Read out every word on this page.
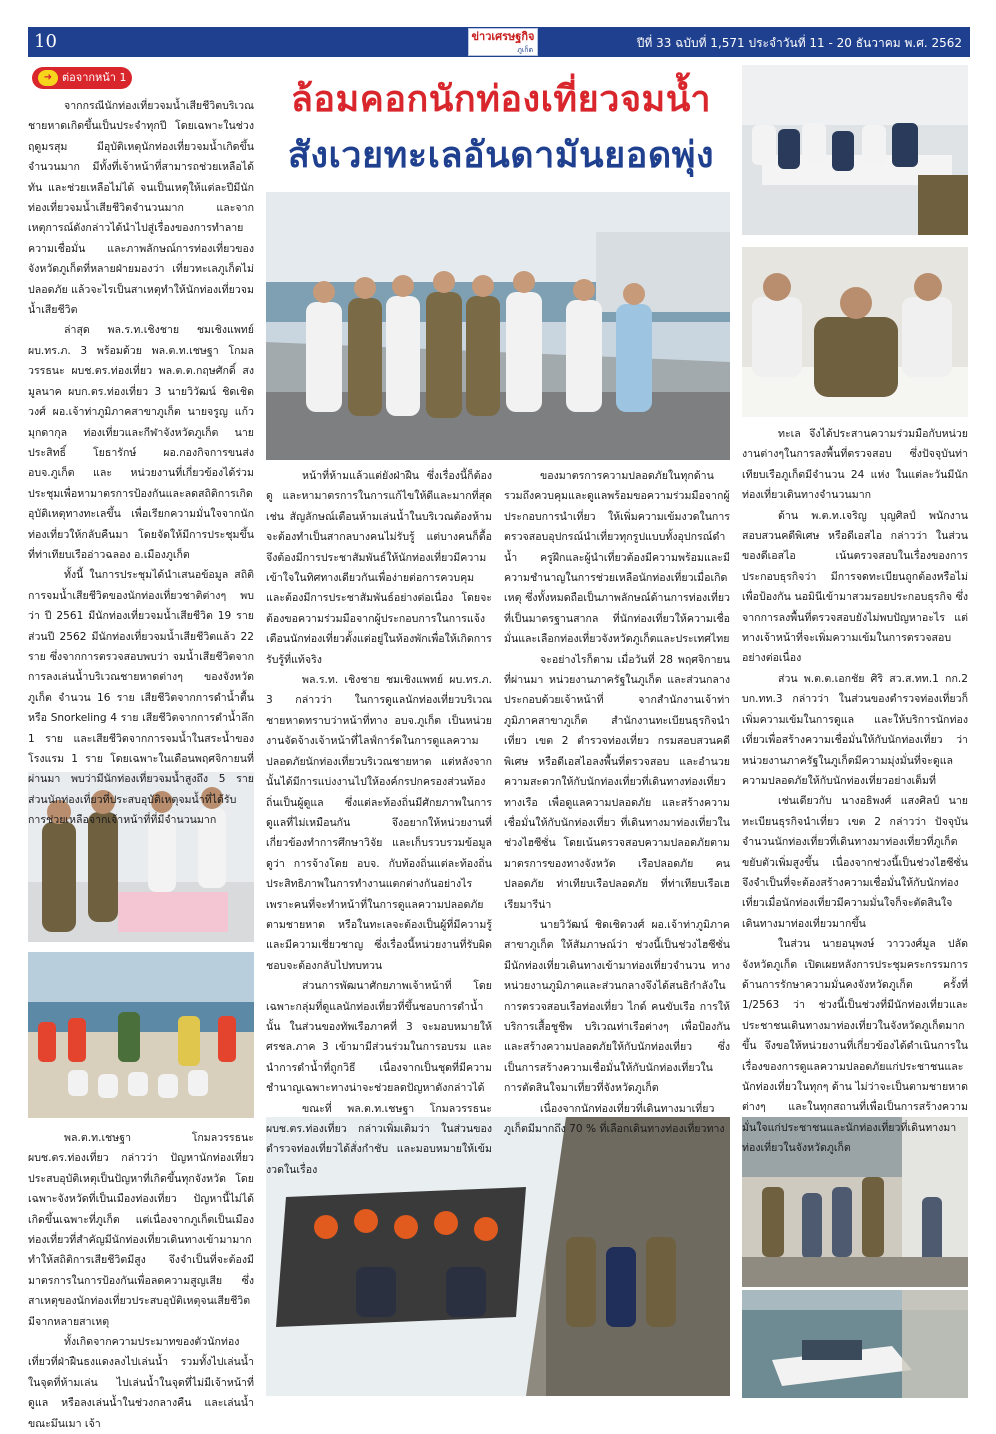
10	ข่าวเศรษฐกิจ
ภูเก็ต	ปีที่ 33 ฉบับที่ 1,571 ประจำวันที่ 11 - 20 ธันวาคม พ.ศ. 2562
➜ ต่อจากหน้า 1
ล้อมคอกนักท่องเที่ยวจมน้ำ
สังเวยทะเลอันดามันยอดพุ่ง

จากกรณีนักท่องเที่ยวจมน้ำเสียชีวิตบริเวณชายหาดเกิดขึ้นเป็นประจำทุกปี โดยเฉพาะในช่วงฤดูมรสุม มีอุบัติเหตุนักท่องเที่ยวจมน้ำเกิดขึ้นจำนวนมาก มีทั้งที่เจ้าหน้าที่สามารถช่วยเหลือได้ทัน และช่วยเหลือไม่ได้ จนเป็นเหตุให้แต่ละปีมีนักท่องเที่ยวจมน้ำเสียชีวิตจำนวนมาก และจากเหตุการณ์ดังกล่าวได้นำไปสู่เรื่องของการทำลายความเชื่อมั่น และภาพลักษณ์การท่องเที่ยวของจังหวัดภูเก็ตที่หลายฝ่ายมองว่า เที่ยวทะเลภูเก็ตไม่ปลอดภัย แล้วจะไรเป็นสาเหตุทำให้นักท่องเที่ยวจมน้ำเสียชีวิต

ล่าสุด พล.ร.ท.เชิงชาย ชมเชิงแพทย์ ผบ.ทร.ภ. 3 พร้อมด้วย พล.ต.ท.เชษฐา โกมลวรรธนะ ผบช.ตร.ท่องเที่ยว พล.ต.ต.กฤษศักดิ์ สงมูลนาค ผบก.ตร.ท่องเที่ยว 3 นายวิวัฒน์ ชิดเชิดวงศ์ ผอ.เจ้าท่าภูมิภาคสาขาภูเก็ต นายจรูญ แก้วมุกดากุล ท่องเที่ยวและกีฬาจังหวัดภูเก็ต นายประสิทธิ์ โยธารักษ์ ผอ.กองกิจการขนส่ง อบจ.ภูเก็ต และ หน่วยงานที่เกี่ยวข้องได้ร่วมประชุมเพื่อหามาตรการป้องกันและลดสถิติการเกิดอุบัติเหตุทางทะเลขึ้น เพื่อเรียกความมั่นใจจากนักท่องเที่ยวให้กลับคืนมา โดยจัดให้มีการประชุมขึ้นที่ท่าเทียบเรืออ่าวฉลอง อ.เมืองภูเก็ต

ทั้งนี้ ในการประชุมได้นำเสนอข้อมูล สถิติการจมน้ำเสียชีวิตของนักท่องเที่ยวชาติต่างๆ พบว่า ปี 2561 มีนักท่องเที่ยวจมน้ำเสียชีวิต 19 ราย ส่วนปี 2562 มีนักท่องเที่ยวจมน้ำเสียชีวิตแล้ว 22 ราย ซึ่งจากการตรวจสอบพบว่า จมน้ำเสียชีวิตจากการลงเล่นน้ำบริเวณชายหาดต่างๆ ของจังหวัดภูเก็ต จำนวน 16 ราย เสียชีวิตจากการดำน้ำตื้นหรือ Snorkeling 4 ราย เสียชีวิตจากการดำน้ำลึก 1 ราย และเสียชีวิตจากการจมน้ำในสระน้ำของโรงแรม 1 ราย โดยเฉพาะในเดือนพฤศจิกายนที่ผ่านมา พบว่ามีนักท่องเที่ยวจมน้ำสูงถึง 5 ราย ส่วนนักท่องเที่ยวที่ประสบอุบัติเหตุจมน้ำที่ได้รับการช่วยเหลือจากเจ้าหน้าที่ที่มีจำนวนมาก

พล.ต.ท.เชษฐา โกมลวรรธนะ ผบช.ตร.ท่องเที่ยว กล่าวว่า ปัญหานักท่องเที่ยวประสบอุบัติเหตุเป็นปัญหาที่เกิดขึ้นทุกจังหวัด โดยเฉพาะจังหวัดที่เป็นเมืองท่องเที่ยว ปัญหานี้ไม่ได้เกิดขึ้นเฉพาะที่ภูเก็ต แต่เนื่องจากภูเก็ตเป็นเมืองท่องเที่ยวที่สำคัญมีนักท่องเที่ยวเดินทางเข้ามามาก ทำให้สถิติการเสียชีวิตมีสูง จึงจำเป็นที่จะต้องมีมาตรการในการป้องกันเพื่อลดความสูญเสีย ซึ่งสาเหตุของนักท่องเที่ยวประสบอุบัติเหตุจนเสียชีวิตมีจากหลายสาเหตุ

ทั้งเกิดจากความประมาทของตัวนักท่องเที่ยวที่ฝ่าฝืนธงแดงลงไปเล่นน้ำ รวมทั้งไปเล่นน้ำในจุดที่ห้ามเล่น ไปเล่นน้ำในจุดที่ไม่มีเจ้าหน้าที่ดูแล หรือลงเล่นน้ำในช่วงกลางคืน และเล่นน้ำขณะมึนเมา เจ้า

หน้าที่ห้ามแล้วแต่ยังฝ่าฝืน ซึ่งเรื่องนี้ก็ต้องดู และหามาตรการในการแก้ไขให้ดีและมากที่สุด เช่น สัญลักษณ์เตือนห้ามเล่นน้ำในบริเวณต้องห้าม จะต้องทำเป็นสากลบางคนไม่รับรู้ แต่บางคนก็ดื้อ จึงต้องมีการประชาสัมพันธ์ให้นักท่องเที่ยวมีความเข้าใจในทิศทางเดียวกันเพื่อง่ายต่อการควบคุม และต้องมีการประชาสัมพันธ์อย่างต่อเนื่อง โดยจะต้องขอความร่วมมือจากผู้ประกอบการในการแจ้งเตือนนักท่องเที่ยวตั้งแต่อยู่ในห้องพักเพื่อให้เกิดการรับรู้ที่แท้จริง

พล.ร.ท. เชิงชาย ชมเชิงแพทย์ ผบ.ทร.ภ. 3 กล่าวว่า ในการดูแลนักท่องเที่ยวบริเวณชายหาดทราบว่าหน้าที่ทาง อบจ.ภูเก็ต เป็นหน่วยงานจัดจ้างเจ้าหน้าที่ไลฟ์การ์ดในการดูแลความปลอดภัยนักท่องเที่ยวบริเวณชายหาด แต่หลังจากนั้นได้มีการแบ่งงานไปให้องค์กรปกครองส่วนท้องถิ่นเป็นผู้ดูแล ซึ่งแต่ละท้องถิ่นมีศักยภาพในการดูแลที่ไม่เหมือนกัน จึงอยากให้หน่วยงานที่เกี่ยวข้องทำการศึกษาวิจัย และเก็บรวบรวมข้อมูลดูว่า การจ้างโดย อบจ. กับท้องถิ่นแต่ละท้องถิ่นประสิทธิภาพในการทำงานแตกต่างกันอย่างไร เพราะคนที่จะทำหน้าที่ในการดูแลความปลอดภัยตามชายหาด หรือในทะเลจะต้องเป็นผู้ที่มีความรู้ และมีความเชี่ยวชาญ ซึ่งเรื่องนี้หน่วยงานที่รับผิดชอบจะต้องกลับไปทบทวน

ส่วนการพัฒนาศักยภาพเจ้าหน้าที่ โดยเฉพาะกลุ่มที่ดูแลนักท่องเที่ยวที่ขึ้นชอบการดำน้ำนั้น ในส่วนของทัพเรือภาคที่ 3 จะมอบหมายให้ ศรชล.ภาค 3 เข้ามามีส่วนร่วมในการอบรม และนำการดำน้ำที่ถูกวิธี เนื่องจากเป็นชุดที่มีความชำนาญเฉพาะทางน่าจะช่วยลดปัญหาดังกล่าวได้

ขณะที่ พล.ต.ท.เชษฐา โกมลวรรธนะ ผบช.ตร.ท่องเที่ยว กล่าวเพิ่มเติมว่า ในส่วนของตำรวจท่องเที่ยวได้สั่งกำชับ และมอบหมายให้เข้มงวดในเรื่อง

ของมาตรการความปลอดภัยในทุกด้าน รวมถึงควบคุมและดูแลพร้อมขอความร่วมมือจากผู้ประกอบการนำเที่ยว ให้เพิ่มความเข้มงวดในการตรวจสอบอุปกรณ์นำเที่ยวทุกรูปแบบทั้งอุปกรณ์ดำน้ำ ครูฝึกและผู้นำเที่ยวต้องมีความพร้อมและมีความชำนาญในการช่วยเหลือนักท่องเที่ยวเมื่อเกิดเหตุ ซึ่งทั้งหมดถือเป็นภาพลักษณ์ด้านการท่องเที่ยวที่เป็นมาตรฐานสากล ที่นักท่องเที่ยวให้ความเชื่อมั่นและเลือกท่องเที่ยวจังหวัดภูเก็ตและประเทศไทย

จะอย่างไรก็ตาม เมื่อวันที่ 28 พฤศจิกายนที่ผ่านมา หน่วยงานภาครัฐในภูเก็ต และส่วนกลางประกอบด้วยเจ้าหน้าที่ จากสำนักงานเจ้าท่าภูมิภาคสาขาภูเก็ต สำนักงานทะเบียนธุรกิจนำเที่ยว เขต 2 ตำรวจท่องเที่ยว กรมสอบสวนคดีพิเศษ หรือดีเอสไอลงพื้นที่ตรวจสอบ และอำนวยความสะดวกให้กับนักท่องเที่ยวที่เดินทางท่องเที่ยวทางเรือ เพื่อดูแลความปลอดภัย และสร้างความเชื่อมั่นให้กับนักท่องเที่ยว ที่เดินทางมาท่องเที่ยวในช่วงไฮซีซั่น โดยเน้นตรวจสอบความปลอดภัยตามมาตรการของทางจังหวัด เรือปลอดภัย คนปลอดภัย ท่าเทียบเรือปลอดภัย ที่ท่าเทียบเรือเฮเรียมารีน่า

นายวิวัฒน์ ชิดเชิดวงศ์ ผอ.เจ้าท่าภูมิภาคสาขาภูเก็ต ให้สัมภาษณ์ว่า ช่วงนี้เป็นช่วงไฮซีซั่น มีนักท่องเที่ยวเดินทางเข้ามาท่องเที่ยวจำนวน ทางหน่วยงานภูมิภาคและส่วนกลางจึงได้สนธิกำลังในการตรวจสอบเรือท่องเที่ยว ไกด์ คนขับเรือ การให้บริการเสื้อชูชีพ บริเวณท่าเรือต่างๆ เพื่อป้องกันและสร้างความปลอดภัยให้กับนักท่องเที่ยว ซึ่งเป็นการสร้างความเชื่อมั่นให้กับนักท่องเที่ยวในการตัดสินใจมาเที่ยวที่จังหวัดภูเก็ต

เนื่องจากนักท่องเที่ยวที่เดินทางมาเที่ยวภูเก็ตมีมากถึง 70 % ที่เลือกเดินทางท่องเที่ยวทาง

ทะเล จึงได้ประสานความร่วมมือกับหน่วยงานต่างๆในการลงพื้นที่ตรวจสอบ ซึ่งปัจจุบันท่าเทียบเรือภูเก็ตมีจำนวน 24 แห่ง ในแต่ละวันมีนักท่องเที่ยวเดินทางจำนวนมาก

ด้าน พ.ต.ท.เจริญ บุญศิลป์ พนักงานสอบสวนคดีพิเศษ หรือดีเอสไอ กล่าวว่า ในส่วนของดีเอสไอ เน้นตรวจสอบในเรื่องของการประกอบธุรกิจว่า มีการจดทะเบียนถูกต้องหรือไม่ เพื่อป้องกัน นอมินีเข้ามาสวมรอยประกอบธุรกิจ ซึ่งจากการลงพื้นที่ตรวจสอบยังไม่พบปัญหาอะไร แต่ทางเจ้าหน้าที่จะเพิ่มความเข้มในการตรวจสอบอย่างต่อเนื่อง

ส่วน พ.ต.ต.เอกชัย ศิริ สว.ส.ทท.1 กก.2 บก.ทท.3 กล่าวว่า ในส่วนของตำรวจท่องเที่ยวก็เพิ่มความเข้มในการดูแล และให้บริการนักท่องเที่ยวเพื่อสร้างความเชื่อมั่นให้กับนักท่องเที่ยว ว่าหน่วยงานภาครัฐในภูเก็ตมีความมุ่งมั่นที่จะดูแลความปลอดภัยให้กับนักท่องเที่ยวอย่างเต็มที่

เช่นเดียวกับ นางอธิพงศ์ แสงศิลป์ นายทะเบียนธุรกิจนำเที่ยว เขต 2 กล่าวว่า ปัจจุบันจำนวนนักท่องเที่ยวที่เดินทางมาท่องเที่ยวที่ภูเก็ตขยับตัวเพิ่มสูงขึ้น เนื่องจากช่วงนี้เป็นช่วงไฮซีซั่น จึงจำเป็นที่จะต้องสร้างความเชื่อมั่นให้กับนักท่องเที่ยวเมื่อนักท่องเที่ยวมีความมั่นใจก็จะตัดสินใจเดินทางมาท่องเที่ยวมากขึ้น

ในส่วน นายอนุพงษ์ วาววงศ์มูล ปลัดจังหวัดภูเก็ต เปิดเผยหลังการประชุมคระกรรมการด้านการรักษาความมั่นคงจังหวัดภูเก็ต ครั้งที่ 1/2563 ว่า ช่วงนี้เป็นช่วงที่มีนักท่องเที่ยวและประชาชนเดินทางมาท่องเที่ยวในจังหวัดภูเก็ตมากขึ้น จึงขอให้หน่วยงานที่เกี่ยวข้องได้ดำเนินการในเรื่องของการดูแลความปลอดภัยแก่ประชาชนและนักท่องเที่ยวในทุกๆ ด้าน ไม่ว่าจะเป็นตามชายหาดต่างๆ และในทุกสถานที่เพื่อเป็นการสร้างความมั่นใจแก่ประชาชนและนักท่องเที่ยวที่เดินทางมาท่องเที่ยวในจังหวัดภูเก็ต
